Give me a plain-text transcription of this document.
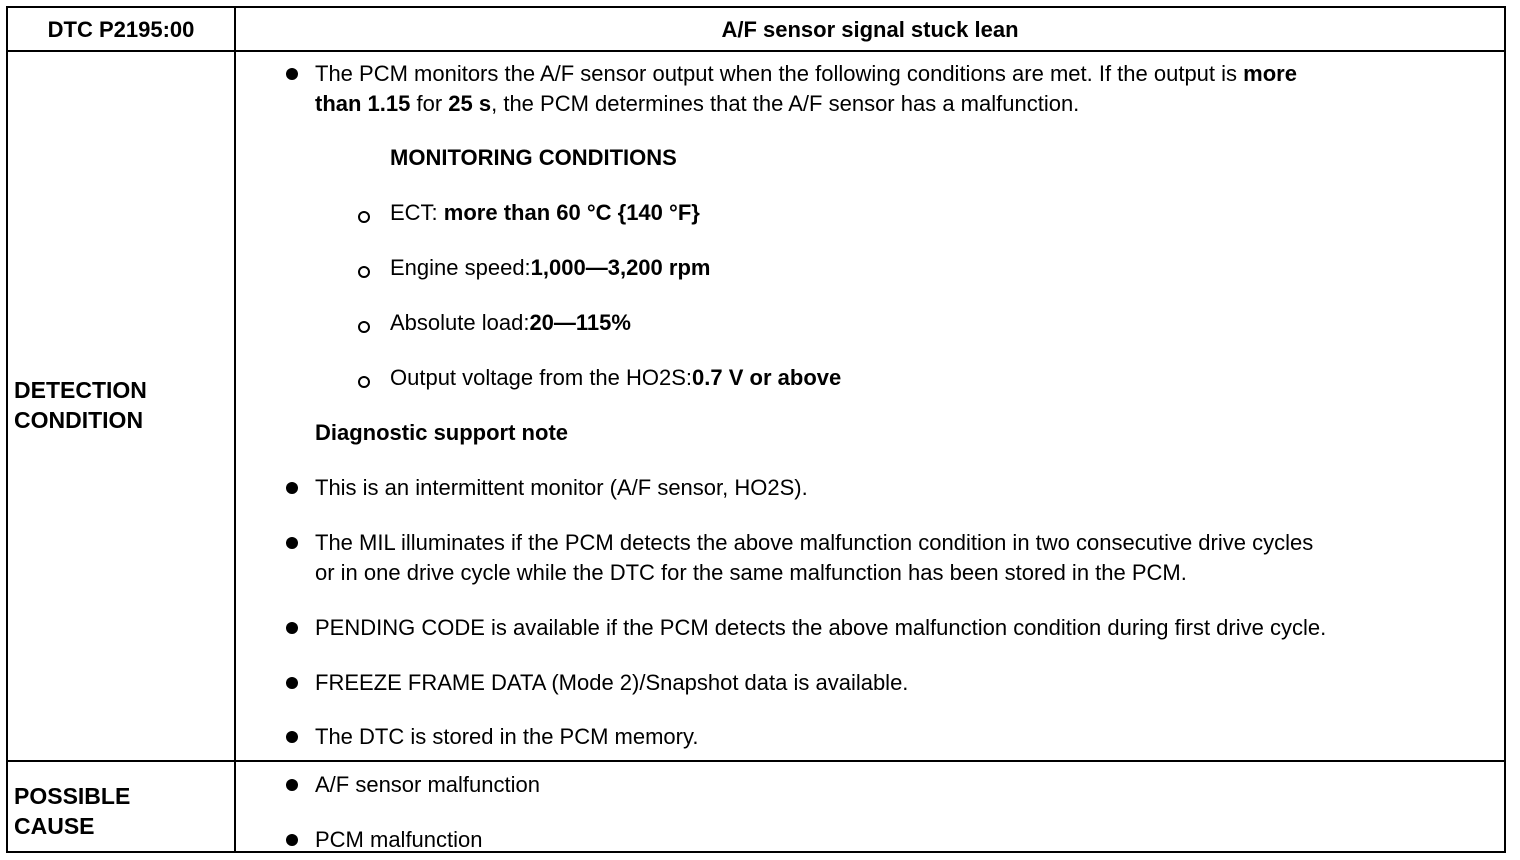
DTC P2195:00	A/F sensor signal stuck lean
DETECTION
CONDITION
The PCM monitors the A/F sensor output when the following conditions are met. If the output is more
than 1.15 for 25 s, the PCM determines that the A/F sensor has a malfunction.
MONITORING CONDITIONS
ECT: more than 60 °C {140 °F}
Engine speed:1,000—3,200 rpm
Absolute load:20—115%
Output voltage from the HO2S:0.7 V or above
Diagnostic support note
This is an intermittent monitor (A/F sensor, HO2S).
The MIL illuminates if the PCM detects the above malfunction condition in two consecutive drive cycles
or in one drive cycle while the DTC for the same malfunction has been stored in the PCM.
PENDING CODE is available if the PCM detects the above malfunction condition during first drive cycle.
FREEZE FRAME DATA (Mode 2)/Snapshot data is available.
The DTC is stored in the PCM memory.
POSSIBLE
CAUSE
A/F sensor malfunction
PCM malfunction
